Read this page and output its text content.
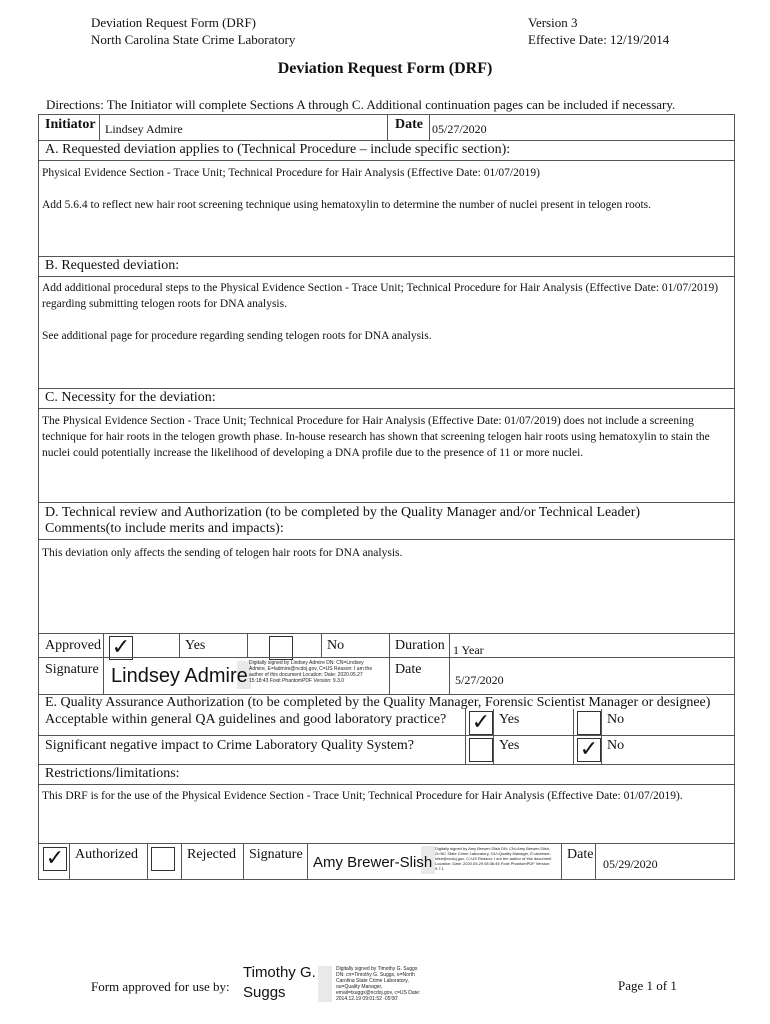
Deviation Request Form (DRF)
North Carolina State Crime Laboratory
Version 3
Effective Date: 12/19/2014
Deviation Request Form (DRF)
Directions: The Initiator will complete Sections A through C. Additional continuation pages can be included if necessary.
Initiator Lindsey Admire	Date 05/27/2020
A. Requested deviation applies to (Technical Procedure – include specific section):
Physical Evidence Section - Trace Unit; Technical Procedure for Hair Analysis (Effective Date: 01/07/2019)
Add 5.6.4 to reflect new hair root screening technique using hematoxylin to determine the number of nuclei present in telogen roots.
B. Requested deviation:
Add additional procedural steps to the Physical Evidence Section - Trace Unit; Technical Procedure for Hair Analysis (Effective Date: 01/07/2019) regarding submitting telogen roots for DNA analysis.
See additional page for procedure regarding sending telogen roots for DNA analysis.
C. Necessity for the deviation:
The Physical Evidence Section - Trace Unit; Technical Procedure for Hair Analysis (Effective Date: 01/07/2019) does not include a screening technique for hair roots in the telogen growth phase. In-house research has shown that screening telogen hair roots using hematoxylin to stain the nuclei could potentially increase the likelihood of developing a DNA profile due to the presence of 11 or more nuclei.
D. Technical review and Authorization (to be completed by the Quality Manager and/or Technical Leader)
Comments(to include merits and impacts):
This deviation only affects the sending of telogen hair roots for DNA analysis.
Approved ✓	Yes	No	Duration 1 Year
Signature Lindsey Admire
Digitally signed by Lindsey Admire DN: CN=Lindsey Admire, E=ladmire@ncdoj.gov, C=US Reason: I am the author of this document Location: Date: 2020.05.27 15:18:43 Foxit PhantomPDF Version: 9.3.0
Date
5/27/2020
E. Quality Assurance Authorization (to be completed by the Quality Manager, Forensic Scientist Manager or designee)
Acceptable within general QA guidelines and good laboratory practice? ✓ Yes	No
Significant negative impact to Crime Laboratory Quality System?	Yes	✓ No
Restrictions/limitations:
This DRF is for the use of the Physical Evidence Section - Trace Unit; Technical Procedure for Hair Analysis (Effective Date: 01/07/2019).
✓ Authorized	Rejected Signature Amy Brewer-Slish
Digitally signed by Amy Brewer-Slish DN: CN=Amy Brewer-Slish, O=NC State Crime Laboratory, OU=Quality Manager, E=abrewer-slish@ncdoj.gov, C=US Reason: I am the author of this document Location: Date: 2020.05.29 08:36:45 Foxit PhantomPDF Version: 9.7.1
Date
05/29/2020
Form approved for use by:
Timothy G.
Suggs
Digitally signed by Timothy G. Suggs DN: cn=Timothy G. Suggs, o=North Carolina State Crime Laboratory, ou=Quality Manager, email=tsuggs@ncdoj.gov, c=US Date: 2014.12.19 09:01:52 -05'00'
Page 1 of 1
